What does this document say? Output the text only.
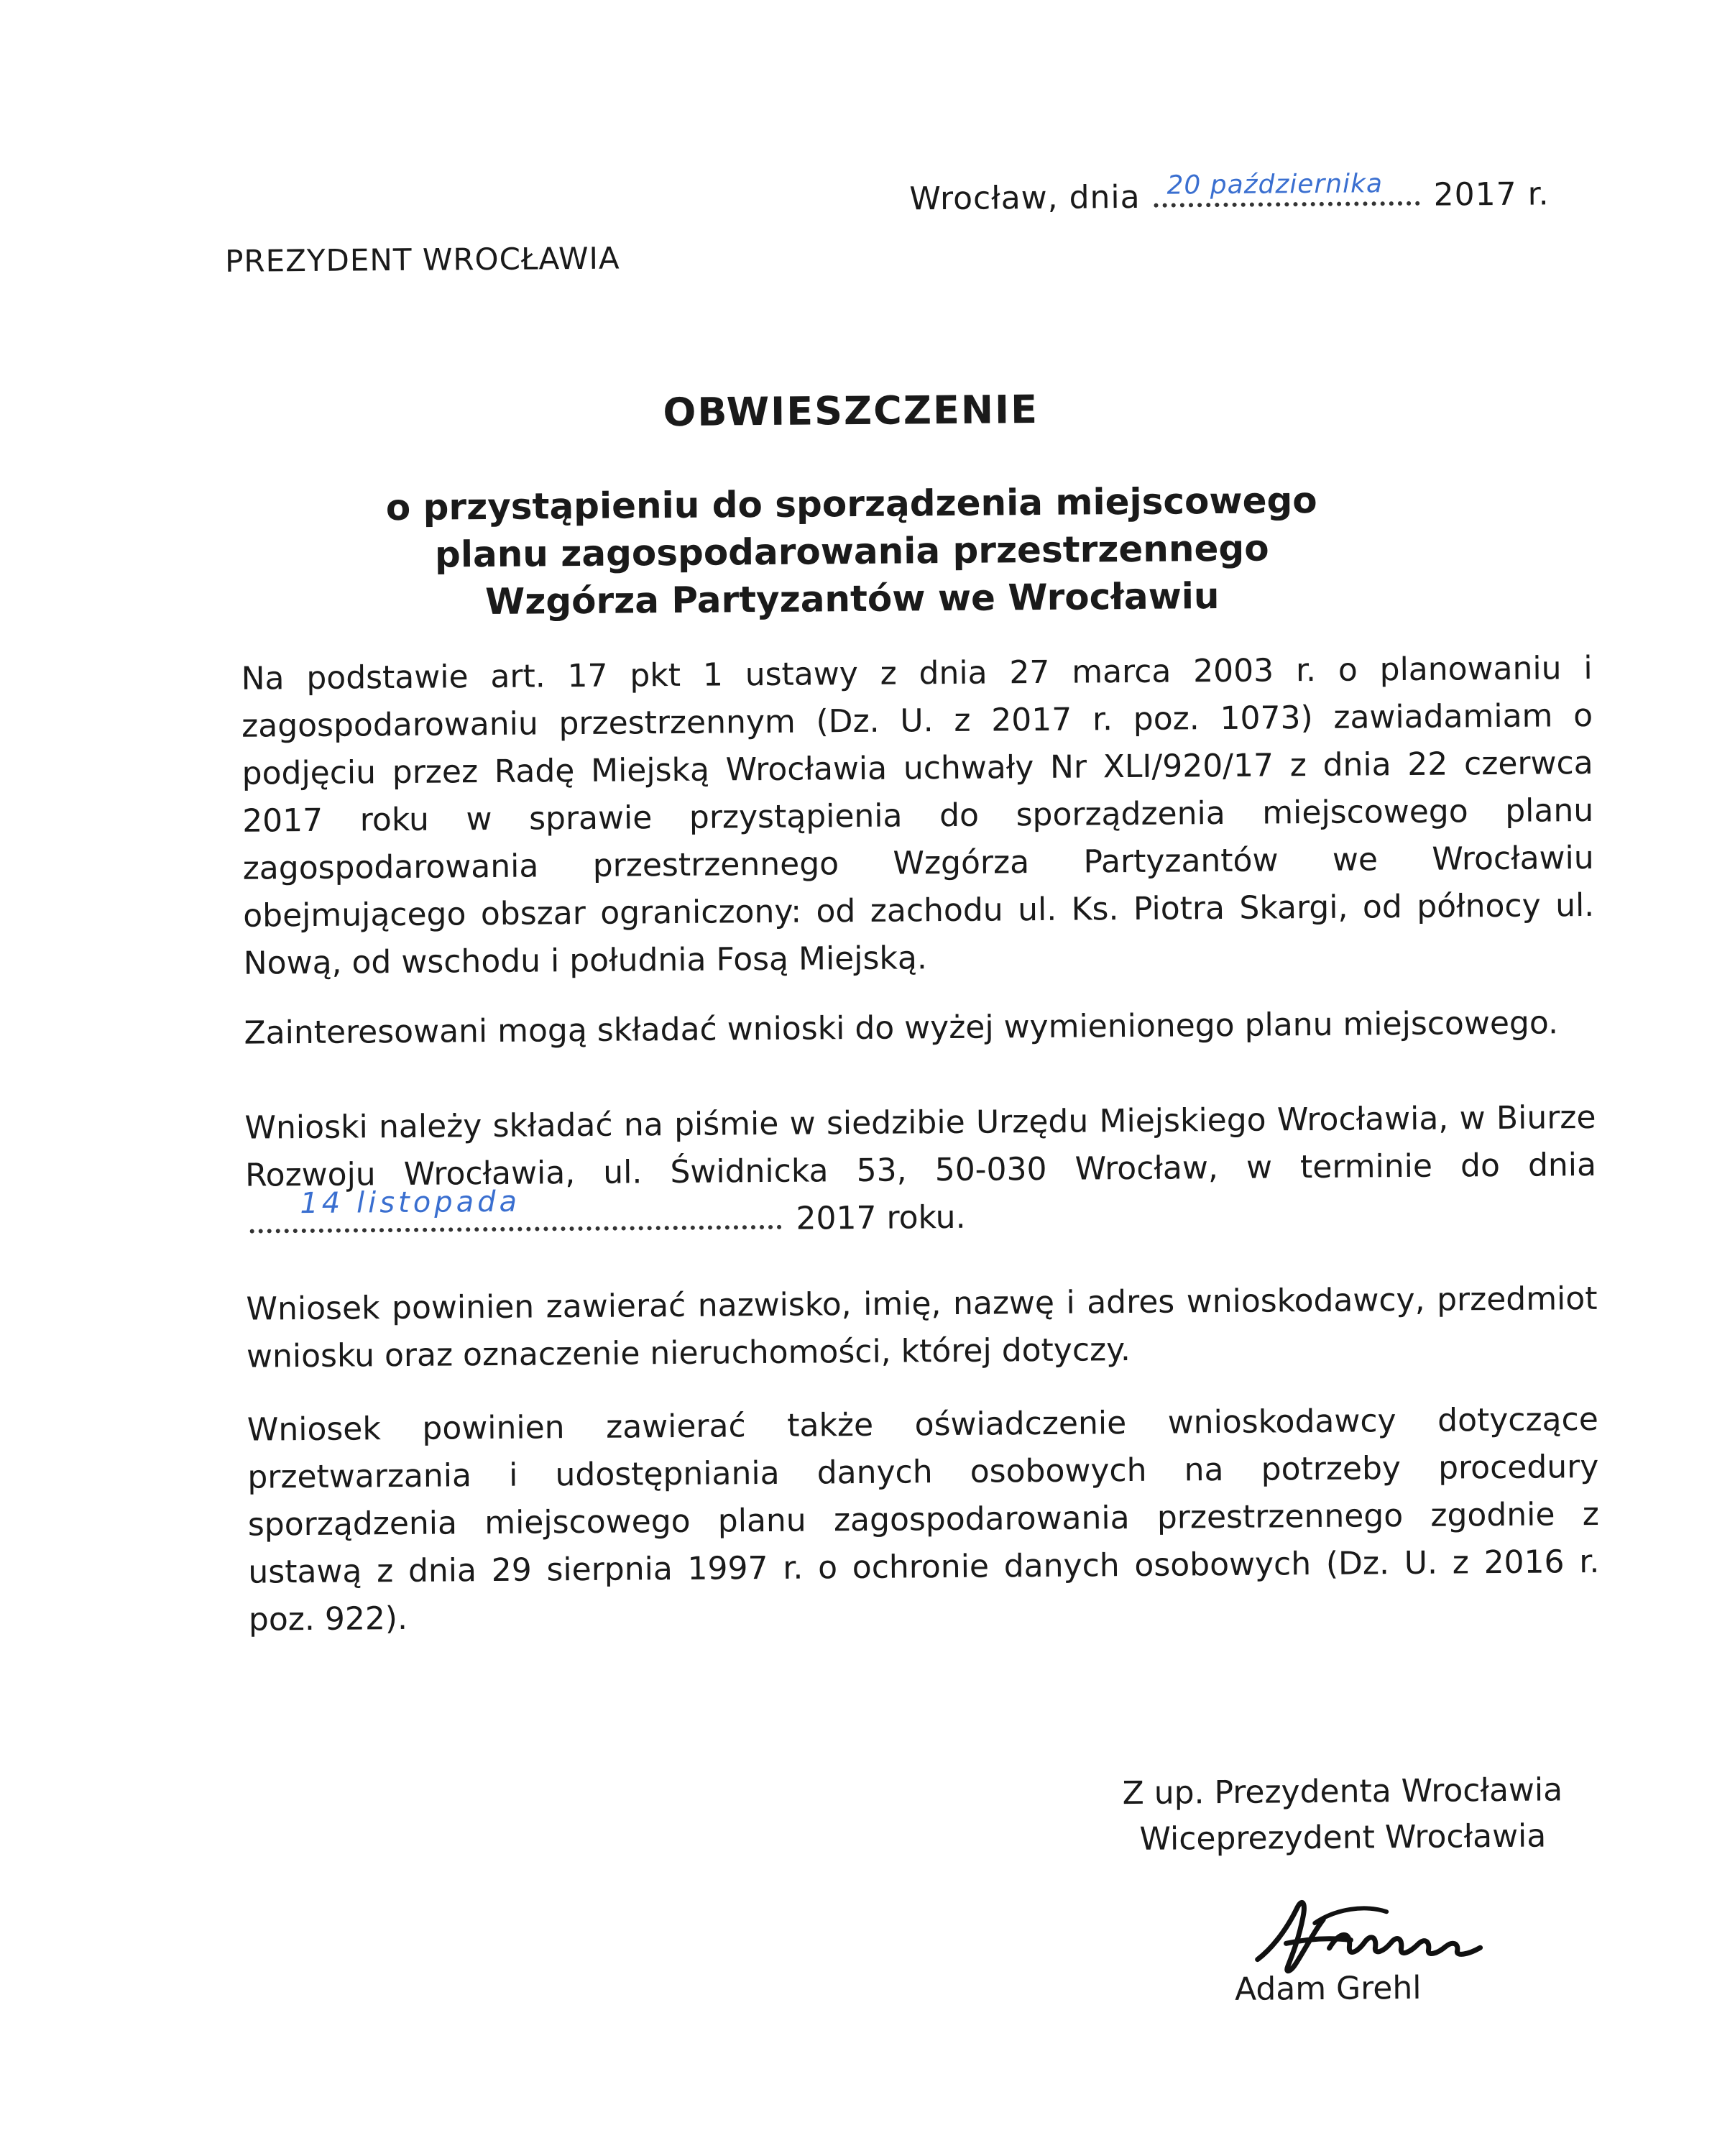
Wrocław, dnia 20 października 2017 r.
PREZYDENT WROCŁAWIA
OBWIESZCZENIE
o przystąpieniu do sporządzenia miejscowego
planu zagospodarowania przestrzennego
Wzgórza Partyzantów we Wrocławiu
Na podstawie art. 17 pkt 1 ustawy z dnia 27 marca 2003 r. o planowaniu i zagospodarowaniu przestrzennym (Dz. U. z 2017 r. poz. 1073) zawiadamiam o podjęciu przez Radę Miejską Wrocławia uchwały Nr XLI/920/17 z dnia 22 czerwca 2017 roku w sprawie przystąpienia do sporządzenia miejscowego planu zagospodarowania przestrzennego Wzgórza Partyzantów we Wrocławiu obejmującego obszar ograniczony: od zachodu ul. Ks. Piotra Skargi, od północy ul. Nową, od wschodu i południa Fosą Miejską.
Zainteresowani mogą składać wnioski do wyżej wymienionego planu miejscowego.
Wnioski należy składać na piśmie w siedzibie Urzędu Miejskiego Wrocławia, w Biurze Rozwoju Wrocławia, ul. Świdnicka 53, 50-030 Wrocław, w terminie do dnia
14 listopada	2017 roku.
Wniosek powinien zawierać nazwisko, imię, nazwę i adres wnioskodawcy, przedmiot wniosku oraz oznaczenie nieruchomości, której dotyczy.
Wniosek powinien zawierać także oświadczenie wnioskodawcy dotyczące przetwarzania i udostępniania danych osobowych na potrzeby procedury sporządzenia miejscowego planu zagospodarowania przestrzennego zgodnie z ustawą z dnia 29 sierpnia 1997 r. o ochronie danych osobowych (Dz. U. z 2016 r. poz. 922).
Z up. Prezydenta Wrocławia
Wiceprezydent Wrocławia
Adam Grehl
